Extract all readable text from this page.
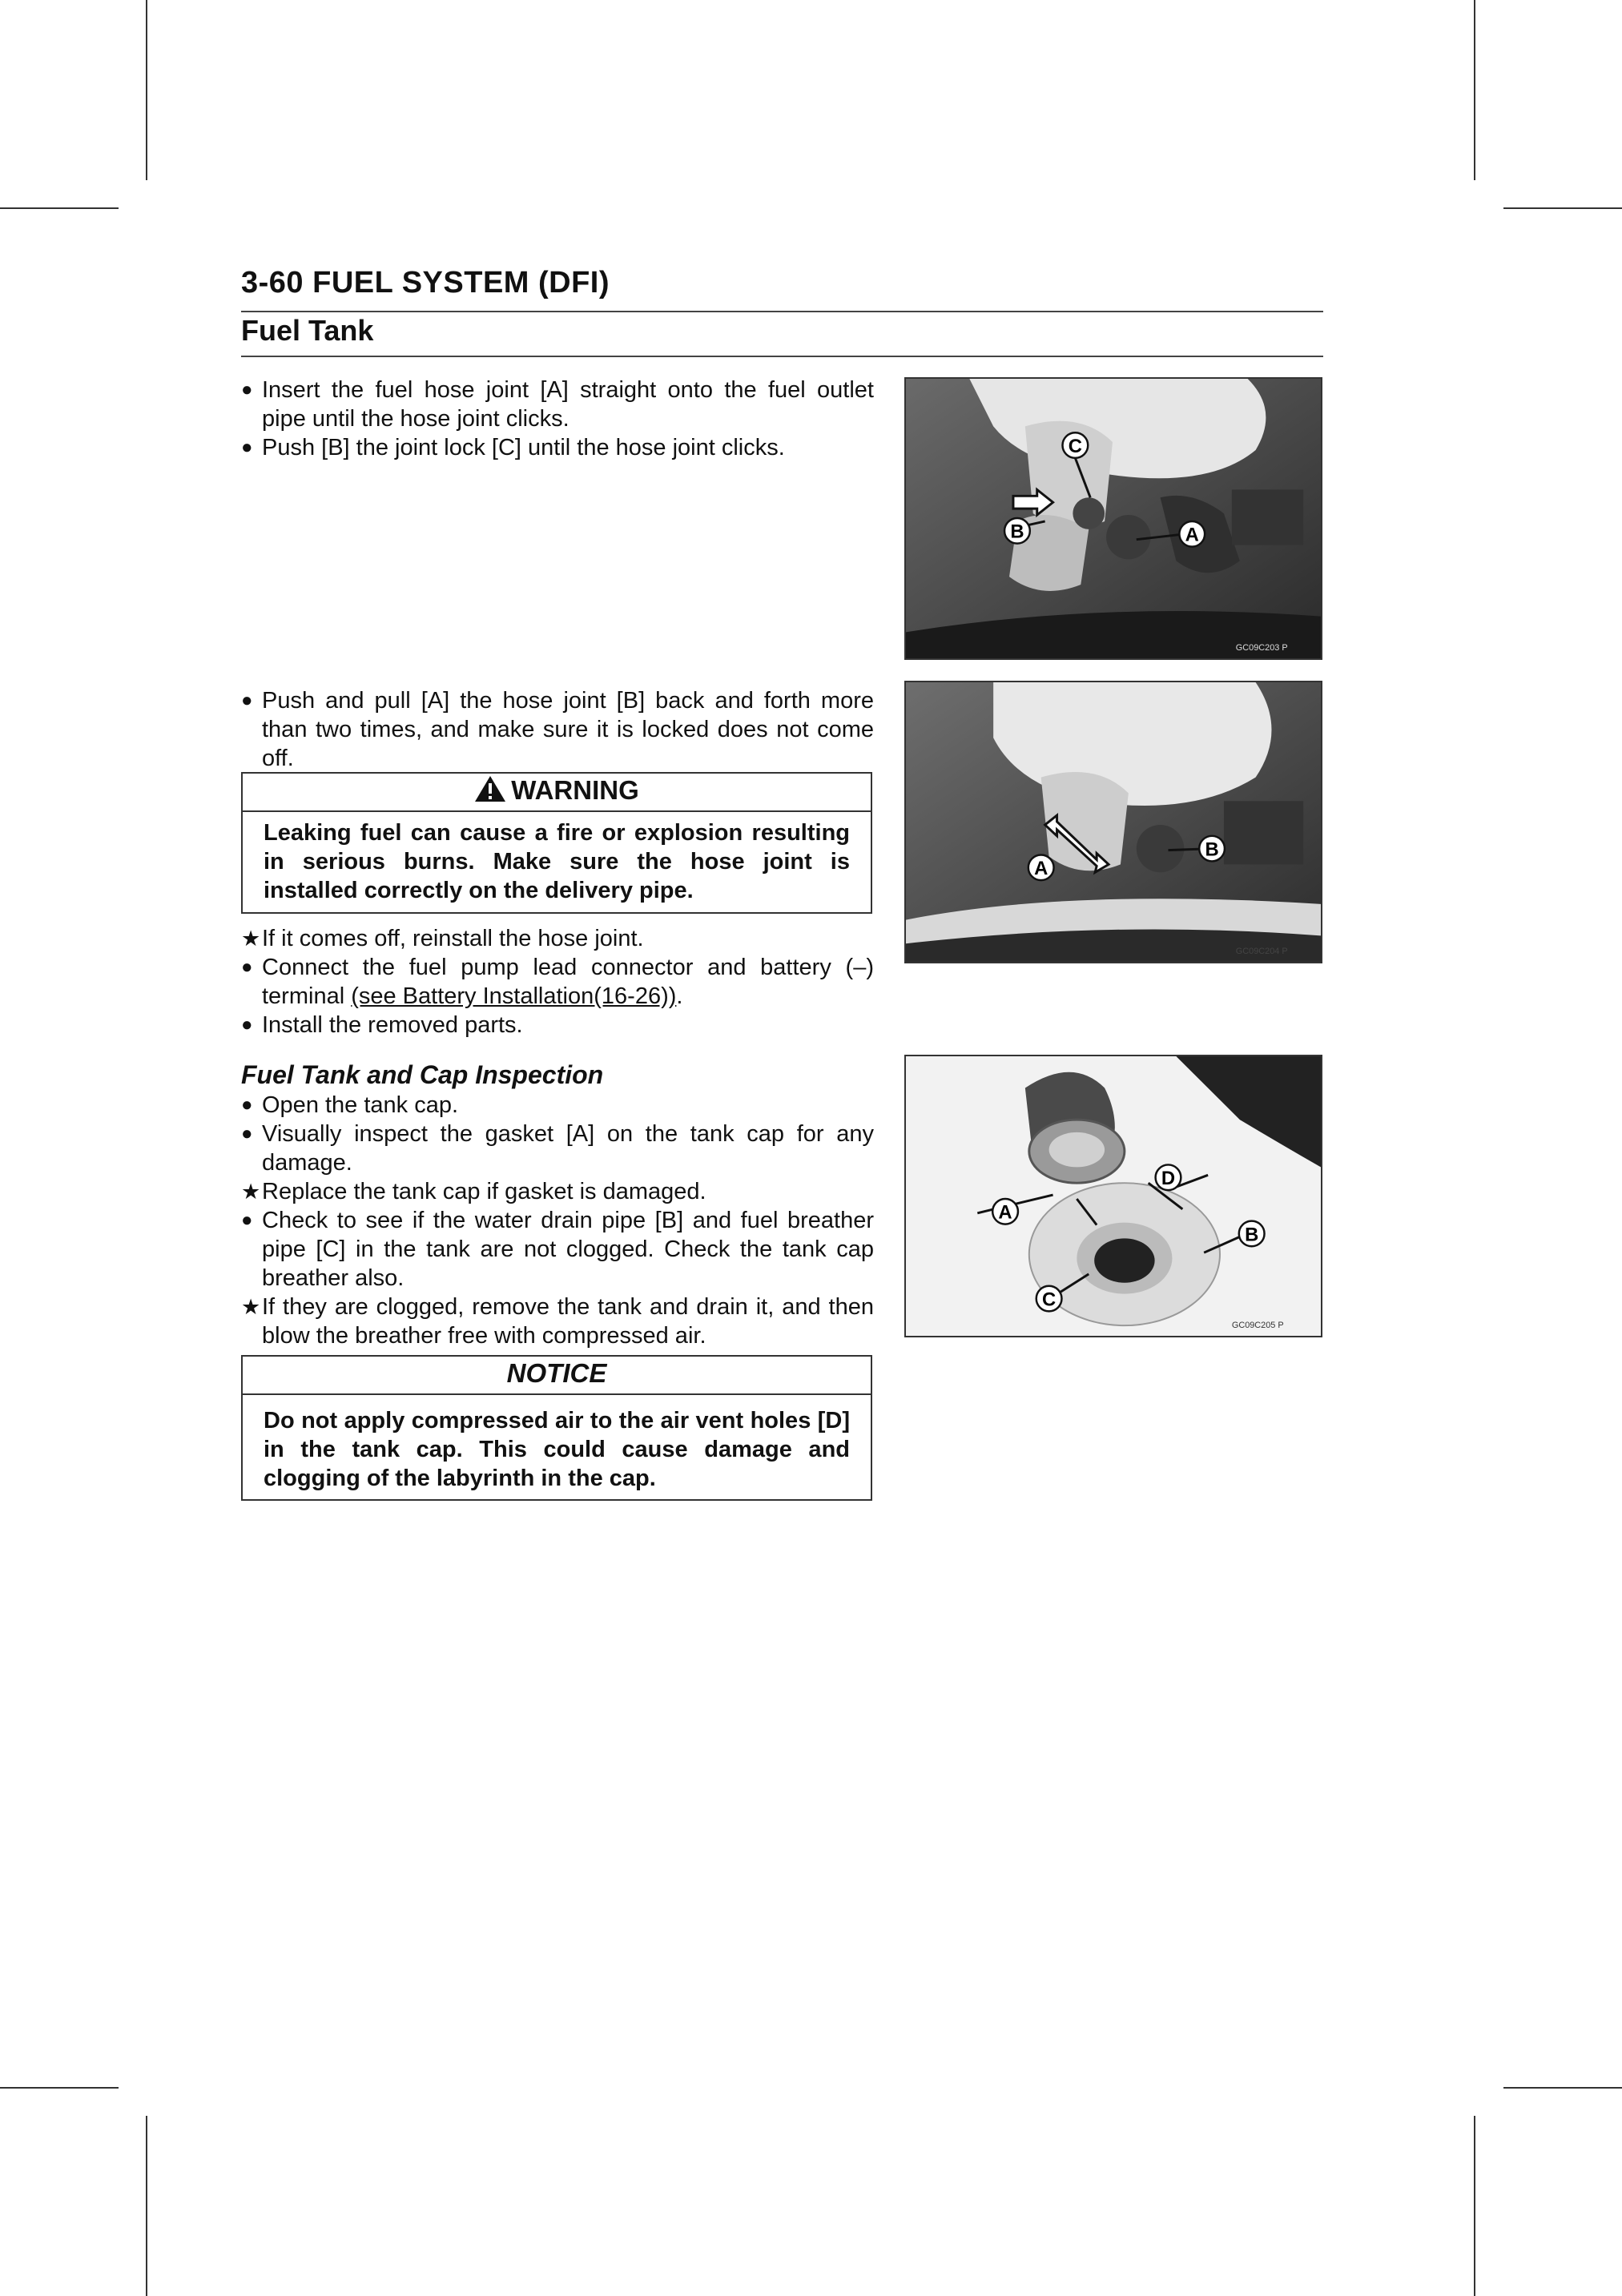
3-60 FUEL SYSTEM (DFI)
Fuel Tank
● Insert the fuel hose joint [A] straight onto the fuel outlet pipe until the hose joint clicks.
● Push [B] the joint lock [C] until the hose joint clicks.
● Push and pull [A] the hose joint [B] back and forth more than two times, and make sure it is locked does not come off.
WARNING
Leaking fuel can cause a fire or explosion resulting in serious burns. Make sure the hose joint is installed correctly on the delivery pipe.
★ If it comes off, reinstall the hose joint.
● Connect the fuel pump lead connector and battery (–) terminal (see Battery Installation(16-26)).
● Install the removed parts.
Fuel Tank and Cap Inspection
● Open the tank cap.
● Visually inspect the gasket [A] on the tank cap for any damage.
★ Replace the tank cap if gasket is damaged.
● Check to see if the water drain pipe [B] and fuel breather pipe [C] in the tank are not clogged. Check the tank cap breather also.
★ If they are clogged, remove the tank and drain it, and then blow the breather free with compressed air.
NOTICE
Do not apply compressed air to the air vent holes [D] in the tank cap. This could cause damage and clogging of the labyrinth in the cap.
C
B	A
GC09C203 P
B
A
GC09C204 P
D
A
B
C
GC09C205 P
